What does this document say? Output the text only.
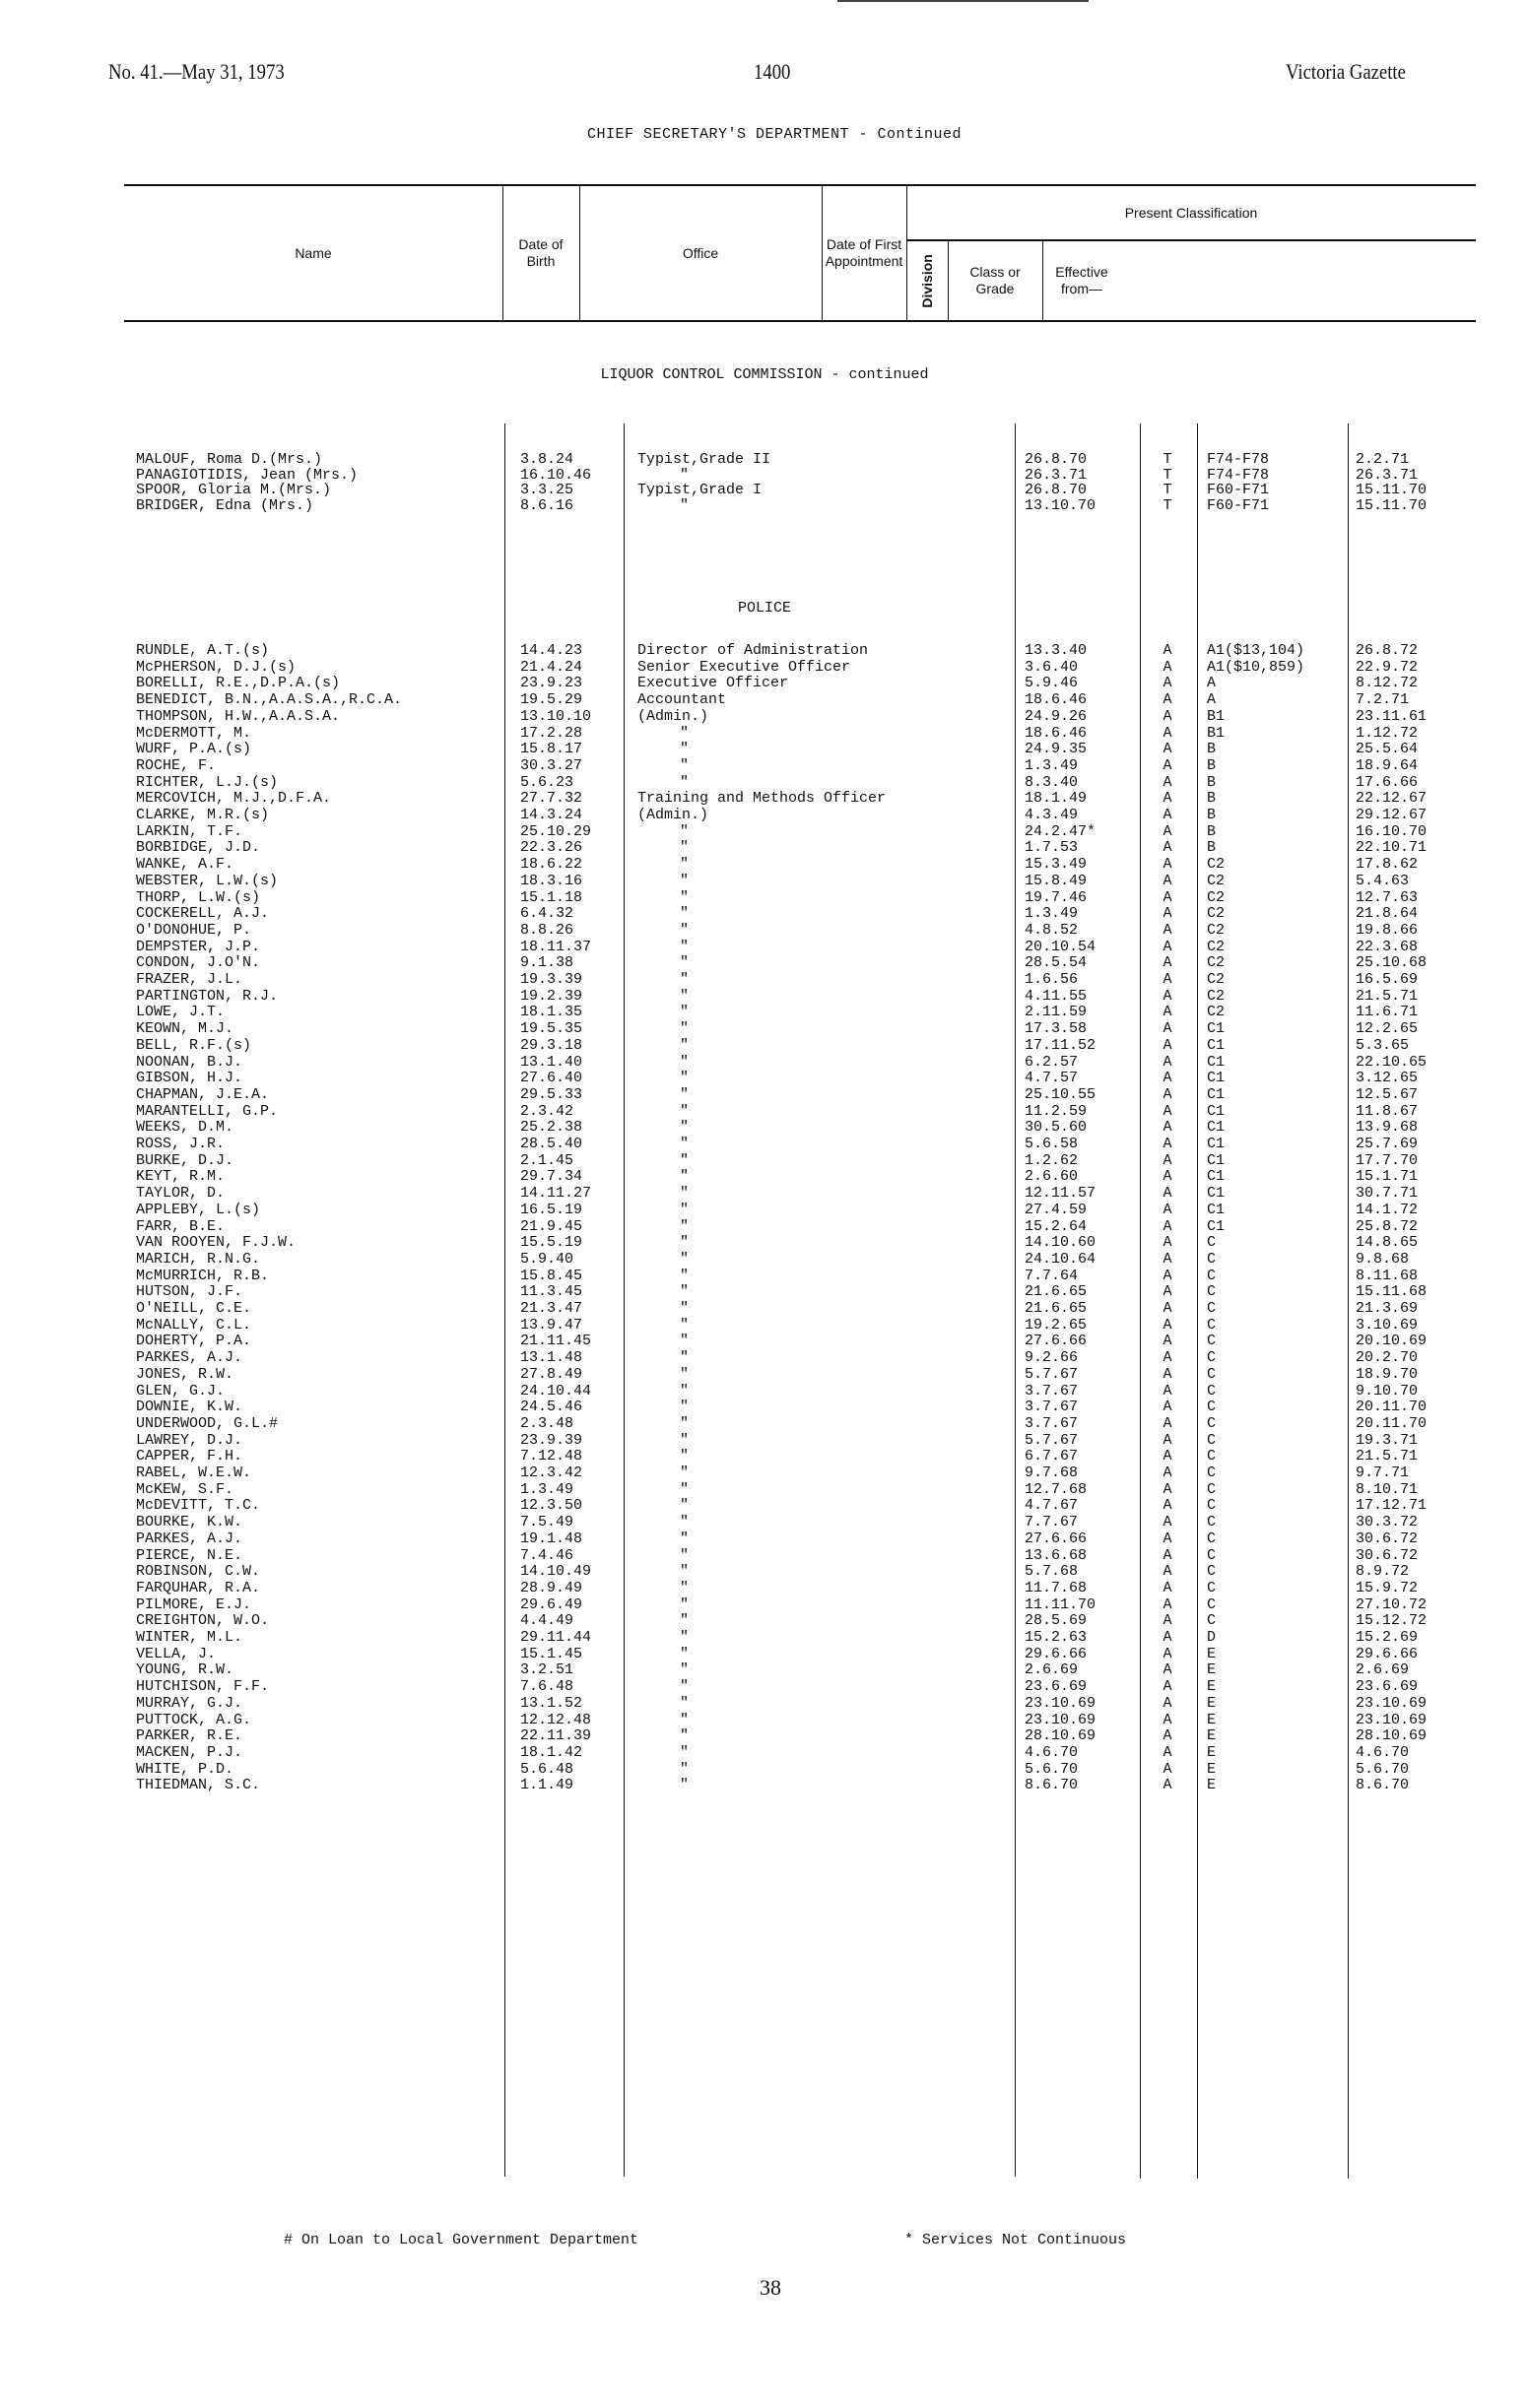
No. 41.—May 31, 1973	1400	Victoria Gazette
CHIEF SECRETARY'S DEPARTMENT - Continued
Name
Date of Birth
Office
Date of First Appointment
Present Classification
Division	Class or Grade
Effective from—
LIQUOR CONTROL COMMISSION - continued
POLICE
MALOUF, Roma D.(Mrs.)	3.8.24	Typist,Grade II	26.8.70	T	F74-F78	2.2.71
PANAGIOTIDIS, Jean (Mrs.)	16.10.46	"	26.3.71	T	F74-F78	26.3.71
SPOOR, Gloria M.(Mrs.)	3.3.25	Typist,Grade I	26.8.70	T	F60-F71	15.11.70
BRIDGER, Edna (Mrs.)	8.6.16	"	13.10.70	T	F60-F71	15.11.70
RUNDLE, A.T.(s)	14.4.23	Director of Administration	13.3.40	A	A1($13,104)	26.8.72
McPHERSON, D.J.(s)	21.4.24	Senior Executive Officer	3.6.40	A	A1($10,859)	22.9.72
BORELLI, R.E.,D.P.A.(s)	23.9.23	Executive Officer	5.9.46	A	A	8.12.72
BENEDICT, B.N.,A.A.S.A.,R.C.A.	19.5.29	Accountant	18.6.46	A	A	7.2.71
THOMPSON, H.W.,A.A.S.A.	13.10.10	(Admin.)	24.9.26	A	B1	23.11.61
McDERMOTT, M.	17.2.28	"	18.6.46	A	B1	1.12.72
WURF, P.A.(s)	15.8.17	"	24.9.35	A	B	25.5.64
ROCHE, F.	30.3.27	"	1.3.49	A	B	18.9.64
RICHTER, L.J.(s)	5.6.23	"	8.3.40	A	B	17.6.66
MERCOVICH, M.J.,D.F.A.	27.7.32	Training and Methods Officer	18.1.49	A	B	22.12.67
CLARKE, M.R.(s)	14.3.24	(Admin.)	4.3.49	A	B	29.12.67
LARKIN, T.F.	25.10.29	"	24.2.47*	A	B	16.10.70
BORBIDGE, J.D.	22.3.26	"	1.7.53	A	B	22.10.71
WANKE, A.F.	18.6.22	"	15.3.49	A	C2	17.8.62
WEBSTER, L.W.(s)	18.3.16	"	15.8.49	A	C2	5.4.63
THORP, L.W.(s)	15.1.18	"	19.7.46	A	C2	12.7.63
COCKERELL, A.J.	6.4.32	"	1.3.49	A	C2	21.8.64
O'DONOHUE, P.	8.8.26	"	4.8.52	A	C2	19.8.66
DEMPSTER, J.P.	18.11.37	"	20.10.54	A	C2	22.3.68
CONDON, J.O'N.	9.1.38	"	28.5.54	A	C2	25.10.68
FRAZER, J.L.	19.3.39	"	1.6.56	A	C2	16.5.69
PARTINGTON, R.J.	19.2.39	"	4.11.55	A	C2	21.5.71
LOWE, J.T.	18.1.35	"	2.11.59	A	C2	11.6.71
KEOWN, M.J.	19.5.35	"	17.3.58	A	C1	12.2.65
BELL, R.F.(s)	29.3.18	"	17.11.52	A	C1	5.3.65
NOONAN, B.J.	13.1.40	"	6.2.57	A	C1	22.10.65
GIBSON, H.J.	27.6.40	"	4.7.57	A	C1	3.12.65
CHAPMAN, J.E.A.	29.5.33	"	25.10.55	A	C1	12.5.67
MARANTELLI, G.P.	2.3.42	"	11.2.59	A	C1	11.8.67
WEEKS, D.M.	25.2.38	"	30.5.60	A	C1	13.9.68
ROSS, J.R.	28.5.40	"	5.6.58	A	C1	25.7.69
BURKE, D.J.	2.1.45	"	1.2.62	A	C1	17.7.70
KEYT, R.M.	29.7.34	"	2.6.60	A	C1	15.1.71
TAYLOR, D.	14.11.27	"	12.11.57	A	C1	30.7.71
APPLEBY, L.(s)	16.5.19	"	27.4.59	A	C1	14.1.72
FARR, B.E.	21.9.45	"	15.2.64	A	C1	25.8.72
VAN ROOYEN, F.J.W.	15.5.19	"	14.10.60	A	C	14.8.65
MARICH, R.N.G.	5.9.40	"	24.10.64	A	C	9.8.68
McMURRICH, R.B.	15.8.45	"	7.7.64	A	C	8.11.68
HUTSON, J.F.	11.3.45	"	21.6.65	A	C	15.11.68
O'NEILL, C.E.	21.3.47	"	21.6.65	A	C	21.3.69
McNALLY, C.L.	13.9.47	"	19.2.65	A	C	3.10.69
DOHERTY, P.A.	21.11.45	"	27.6.66	A	C	20.10.69
PARKES, A.J.	13.1.48	"	9.2.66	A	C	20.2.70
JONES, R.W.	27.8.49	"	5.7.67	A	C	18.9.70
GLEN, G.J.	24.10.44	"	3.7.67	A	C	9.10.70
DOWNIE, K.W.	24.5.46	"	3.7.67	A	C	20.11.70
UNDERWOOD, G.L.#	2.3.48	"	3.7.67	A	C	20.11.70
LAWREY, D.J.	23.9.39	"	5.7.67	A	C	19.3.71
CAPPER, F.H.	7.12.48	"	6.7.67	A	C	21.5.71
RABEL, W.E.W.	12.3.42	"	9.7.68	A	C	9.7.71
McKEW, S.F.	1.3.49	"	12.7.68	A	C	8.10.71
McDEVITT, T.C.	12.3.50	"	4.7.67	A	C	17.12.71
BOURKE, K.W.	7.5.49	"	7.7.67	A	C	30.3.72
PARKES, A.J.	19.1.48	"	27.6.66	A	C	30.6.72
PIERCE, N.E.	7.4.46	"	13.6.68	A	C	30.6.72
ROBINSON, C.W.	14.10.49	"	5.7.68	A	C	8.9.72
FARQUHAR, R.A.	28.9.49	"	11.7.68	A	C	15.9.72
PILMORE, E.J.	29.6.49	"	11.11.70	A	C	27.10.72
CREIGHTON, W.O.	4.4.49	"	28.5.69	A	C	15.12.72
WINTER, M.L.	29.11.44	"	15.2.63	A	D	15.2.69
VELLA, J.	15.1.45	"	29.6.66	A	E	29.6.66
YOUNG, R.W.	3.2.51	"	2.6.69	A	E	2.6.69
HUTCHISON, F.F.	7.6.48	"	23.6.69	A	E	23.6.69
MURRAY, G.J.	13.1.52	"	23.10.69	A	E	23.10.69
PUTTOCK, A.G.	12.12.48	"	23.10.69	A	E	23.10.69
PARKER, R.E.	22.11.39	"	28.10.69	A	E	28.10.69
MACKEN, P.J.	18.1.42	"	4.6.70	A	E	4.6.70
WHITE, P.D.	5.6.48	"	5.6.70	A	E	5.6.70
THIEDMAN, S.C.	1.1.49	"	8.6.70	A	E	8.6.70
# On Loan to Local Government Department	* Services Not Continuous
38
